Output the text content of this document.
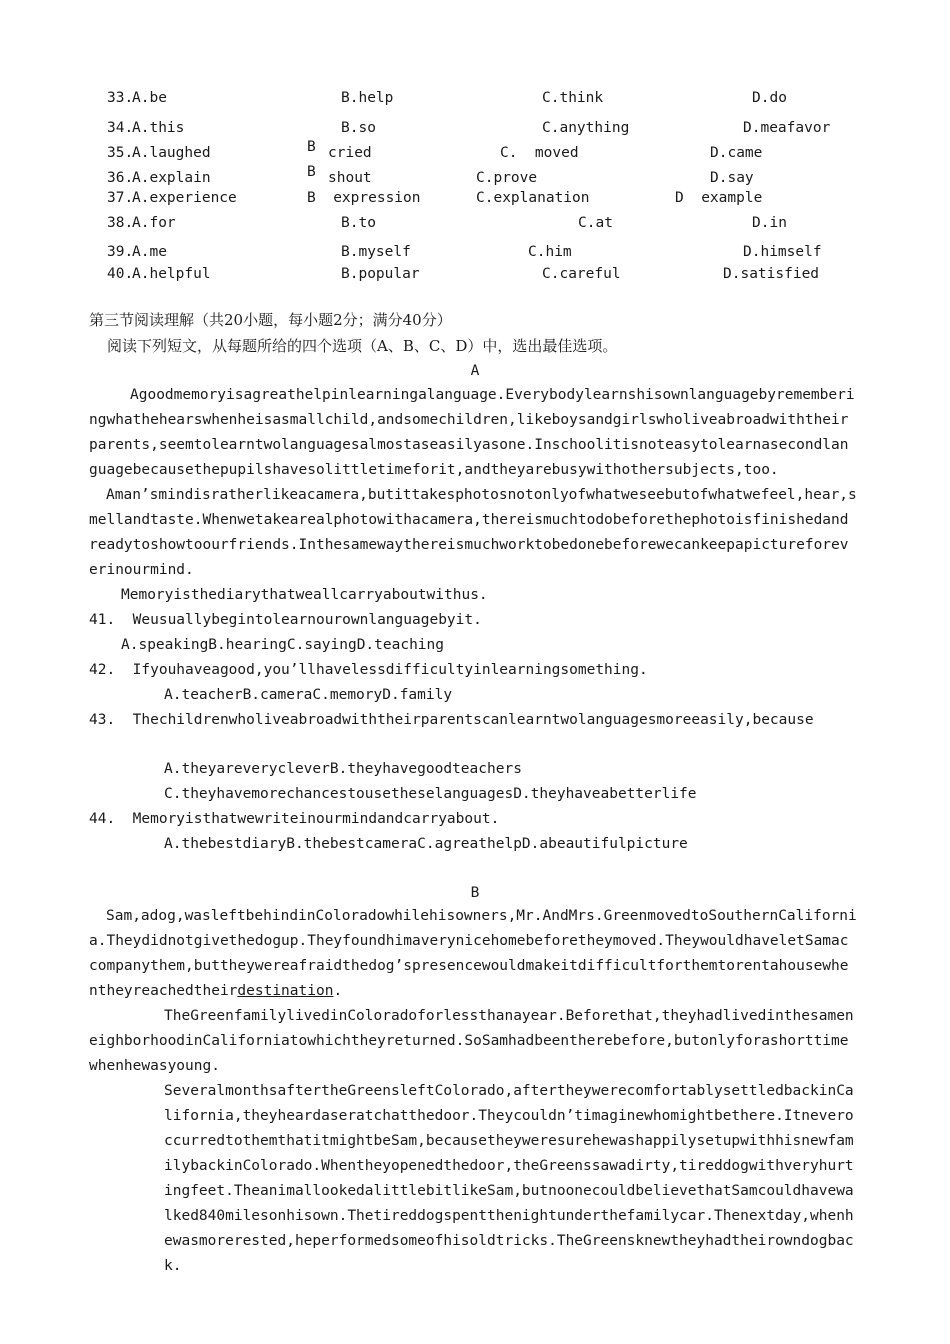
33.
A.be	B.help	C.think	D.do
34.
A.this	B.so	C.anything	D.meafavor
35.
A.laughed	B cried	C.  moved	D.came
36.
A.explain	B shout	C.prove	D.say
37.
A.experience	B  expression	C.explanation	D  example
38.
A.for	B.to	C.at	D.in
39.
A.me	B.myself	C.him	D.himself
40.
A.helpful	B.popular	C.careful	D.satisfied
第三节阅读理解（共20小题，每小题2分；满分40分）
阅读下列短文，从每题所给的四个选项（A、B、C、D）中，选出最佳选项。
A
Agoodmemoryisagreathelpinlearningalanguage.Everybodylearnshisownlanguagebyrememberingwhathehearswhenheisasmallchild,andsomechildren,likeboysandgirlswholiveabroadwiththeirparents,seemtolearntwolanguagesalmostaseasilyasone.Inschoolitisnoteasytolearnasecondlanguagebecausethepupilshavesolittletimeforit,andtheyarebusywithothersubjects,too.
Aman’smindisratherlikeacamera,butittakesphotosnotonlyofwhatweseebutofwhatwefeel,hear,smellandtaste.Whenwetakearealphotowithacamera,thereismuchtodobeforethephotoisfinishedandreadytoshowtoourfriends.Inthesamewaythereismuchworktobedonebeforewecankeepapictureforeverinourmind.
Memoryisthediarythatweallcarryaboutwithus.
41.  Weusuallybegintolearnourownlanguagebyit.
A.speakingB.hearingC.sayingD.teaching
42.  Ifyouhaveagood,you’llhavelessdifficultyinlearningsomething.
A.teacherB.cameraC.memoryD.family
43.  Thechildrenwholiveabroadwiththeirparentscanlearntwolanguagesmoreeasily,because
A.theyareverycleverB.theyhavegoodteachers
C.theyhavemorechancestousetheselanguagesD.theyhaveabetterlife
44.  Memoryisthatwewriteinourmindandcarryabout.
A.thebestdiaryB.thebestcameraC.agreathelpD.abeautifulpicture
B
Sam,adog,wasleftbehindinColoradowhilehisowners,Mr.AndMrs.GreenmovedtoSouthernCalifornia.Theydidnotgivethedogup.Theyfoundhimaverynicehomebeforetheymoved.TheywouldhaveletSamaccompanythem,buttheywereafraidthedog’spresencewouldmakeitdifficultforthemtorentahousewhentheyreachedtheirdestination.
TheGreenfamilylivedinColoradoforlessthanayear.Beforethat,theyhadlivedinthesameneighborhoodinCaliforniatowhichtheyreturned.SoSamhadbeentherebefore,butonlyforashorttimewhenhewasyoung.
SeveralmonthsaftertheGreensleftColorado,aftertheywerecomfortablysettledbackinCalifornia,theyheardaseratchatthedoor.Theycouldn’timaginewhomightbethere.ItneveroccurredtothemthatitmightbeSam,becausetheyweresurehewashappilysetupwithhisnewfamilybackinColorado.Whentheyopenedthedoor,theGreenssawadirty,tireddogwithveryhurtingfeet.TheanimallookedalittlebitlikeSam,butnoonecouldbelievethatSamcouldhavewalked840milesonhisown.Thetireddogspentthenightunderthefamilycar.Thenextday,whenhewasmorerested,heperformedsomeofhisoldtricks.TheGreensknewtheyhadtheirowndogback.
